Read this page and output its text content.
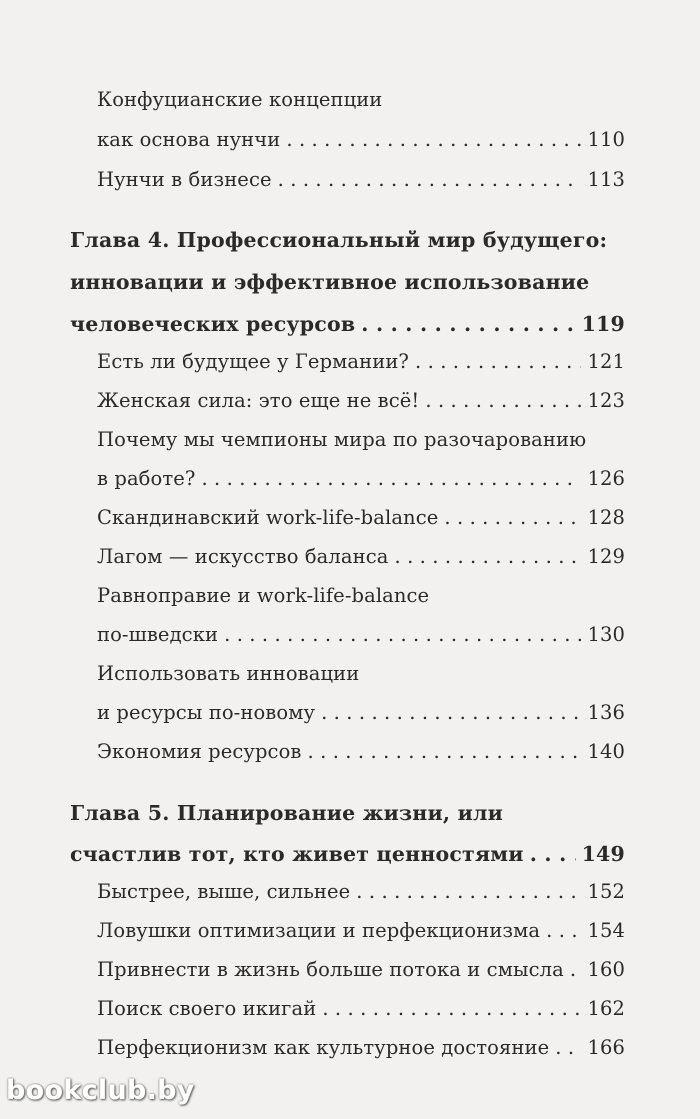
Конфуцианские концепции
как основа нунчи . . .	110
Нунчи в бизнесе . . .	113
Глава 4. Профессиональный мир будущего:
инновации и эффективное использование
человеческих ресурсов . . .	119
Есть ли будущее у Германии? . . .	121
Женская сила: это еще не всё! . . .	123
Почему мы чемпионы мира по разочарованию
в работе? . . .	126
Скандинавский work-life-balance . . .	128
Лагом — искусство баланса . . .	129
Равноправие и work-life-balance
по-шведски . . .	130
Использовать инновации
и ресурсы по-новому . . .	136
Экономия ресурсов . . .	140
Глава 5. Планирование жизни, или
счастлив тот, кто живет ценностями . . .	149
Быстрее, выше, сильнее . . .	152
Ловушки оптимизации и перфекционизма . . . 154
Привнести в жизнь больше потока и смысла . . . 160
Поиск своего икигай . . .	162
Перфекционизм как культурное достояние . . . 166
bookclub.by
